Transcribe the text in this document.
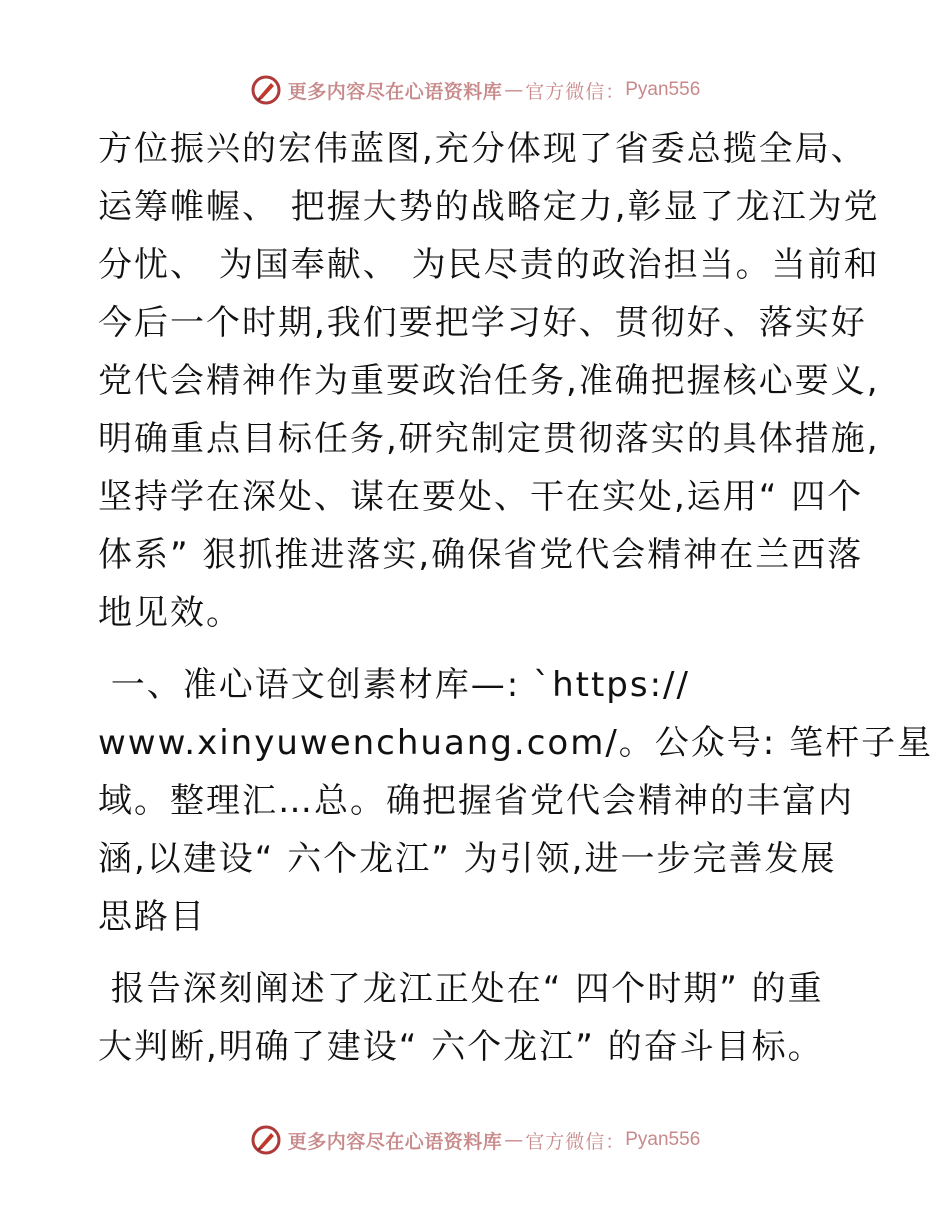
更多内容尽在心语资料库 — 官方微信： Pyan556
方位振兴的宏伟蓝图,充分体现了省委总揽全局、
运筹帷幄、 把握大势的战略定力,彰显了龙江为党
分忧、 为国奉献、 为民尽责的政治担当。当前和
今后一个时期,我们要把学习好、贯彻好、落实好
党代会精神作为重要政治任务,准确把握核心要义,
明确重点目标任务,研究制定贯彻落实的具体措施,
坚持学在深处、谋在要处、干在实处,运用“ 四个
体系” 狠抓推进落实,确保省党代会精神在兰西落
地见效。
一、准心语文创素材库—: `https://
www.xinyuwenchuang.com/。公众号: 笔杆子星
域。整理汇…总。确把握省党代会精神的丰富内
涵,以建设“ 六个龙江” 为引领,进一步完善发展
思路目
报告深刻阐述了龙江正处在“ 四个时期” 的重
大判断,明确了建设“ 六个龙江” 的奋斗目标。
更多内容尽在心语资料库 — 官方微信： Pyan556
